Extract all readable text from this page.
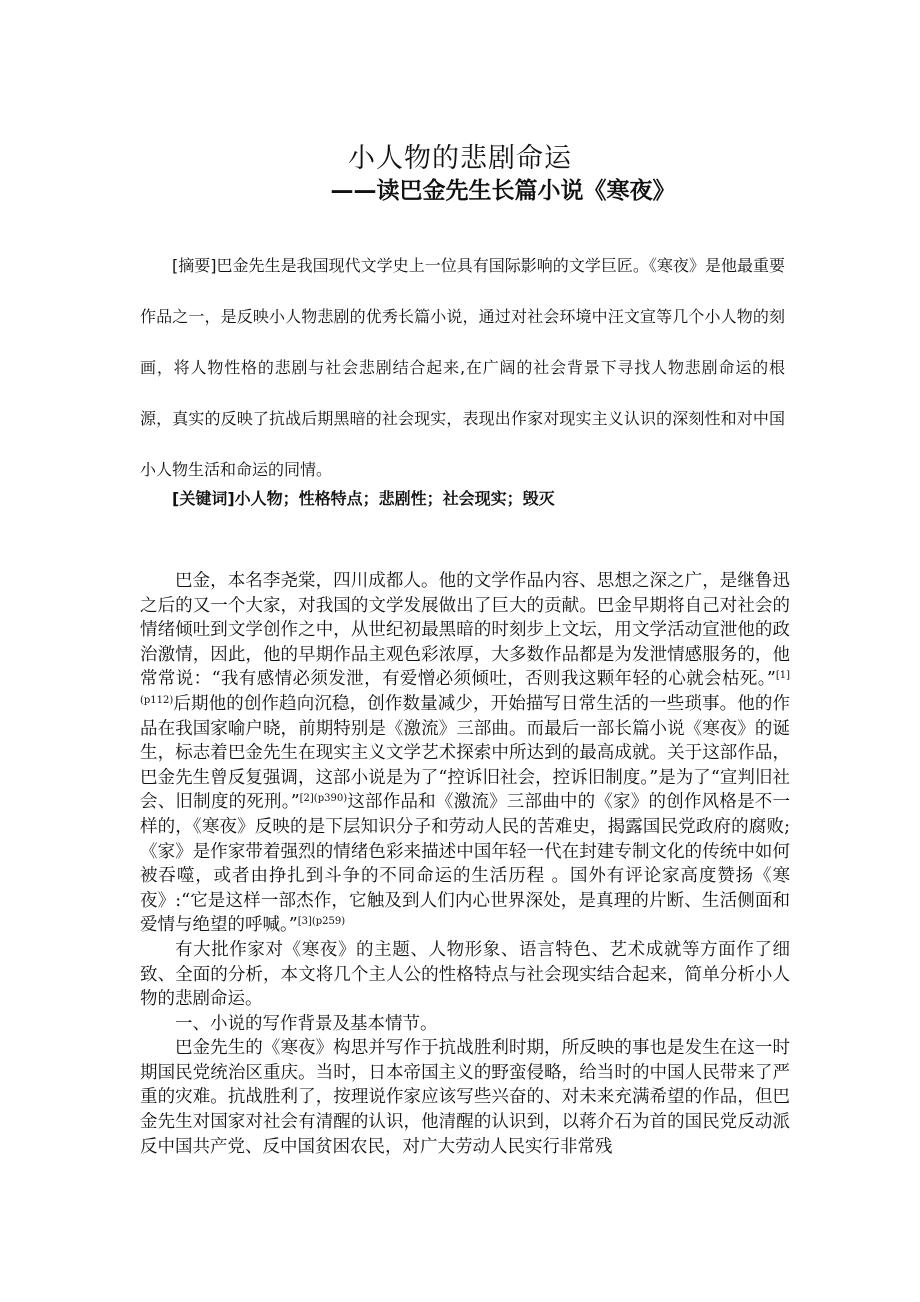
小人物的悲剧命运
——读巴金先生长篇小说《寒夜》

[摘要]巴金先生是我国现代文学史上一位具有国际影响的文学巨匠。《寒夜》是他最重要作品之一，是反映小人物悲剧的优秀长篇小说，通过对社会环境中汪文宣等几个小人物的刻画，将人物性格的悲剧与社会悲剧结合起来,在广阔的社会背景下寻找人物悲剧命运的根源，真实的反映了抗战后期黑暗的社会现实，表现出作家对现实主义认识的深刻性和对中国小人物生活和命运的同情。

[关键词]小人物；性格特点；悲剧性；社会现实；毁灭

巴金，本名李尧棠，四川成都人。他的文学作品内容、思想之深之广，是继鲁迅之后的又一个大家，对我国的文学发展做出了巨大的贡献。巴金早期将自己对社会的情绪倾吐到文学创作之中，从世纪初最黑暗的时刻步上文坛，用文学活动宣泄他的政治激情，因此，他的早期作品主观色彩浓厚，大多数作品都是为发泄情感服务的，他常常说：“我有感情必须发泄，有爱憎必须倾吐，否则我这颗年轻的心就会枯死。”$^{[1](p112)}$后期他的创作趋向沉稳，创作数量减少，开始描写日常生活的一些琐事。他的作品在我国家喻户晓，前期特别是《激流》三部曲。而最后一部长篇小说《寒夜》的诞生，标志着巴金先生在现实主义文学艺术探索中所达到的最高成就。关于这部作品，巴金先生曾反复强调，这部小说是为了“控诉旧社会，控诉旧制度。”是为了“宣判旧社会、旧制度的死刑。”$^{[2](p390)}$这部作品和《激流》三部曲中的《家》的创作风格是不一样的，《寒夜》反映的是下层知识分子和劳动人民的苦难史，揭露国民党政府的腐败;《家》是作家带着强烈的情绪色彩来描述中国年轻一代在封建专制文化的传统中如何被吞噬，或者由挣扎到斗争的不同命运的生活历程 。国外有评论家高度赞扬《寒夜》:“它是这样一部杰作，它触及到人们内心世界深处，是真理的片断、生活侧面和爱情与绝望的呼喊。”$^{[3](p259)}$

有大批作家对《寒夜》的主题、人物形象、语言特色、艺术成就等方面作了细致、全面的分析，本文将几个主人公的性格特点与社会现实结合起来，简单分析小人物的悲剧命运。

一、小说的写作背景及基本情节。

巴金先生的《寒夜》构思并写作于抗战胜利时期，所反映的事也是发生在这一时期国民党统治区重庆。当时，日本帝国主义的野蛮侵略，给当时的中国人民带来了严重的灾难。抗战胜利了，按理说作家应该写些兴奋的、对未来充满希望的作品，但巴金先生对国家对社会有清醒的认识，他清醒的认识到，以蒋介石为首的国民党反动派反中国共产党、反中国贫困农民，对广大劳动人民实行非常残
